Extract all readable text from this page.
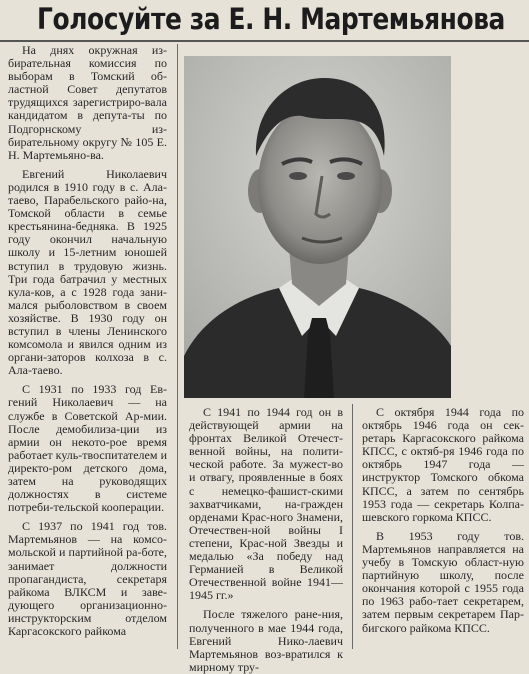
Голосуйте за Е. Н. Мартемьянова

На днях окружная из-бирательная комиссия по выборам в Томский об-ластной Совет депутатов трудящихся зарегистриро-вала кандидатом в депута-ты по Подгорнскому из-бирательному округу № 105 Е. Н. Мартемьяно-ва.

Евгений Николаевич родился в 1910 году в с. Ала-таево, Парабельского райо-на, Томской области в семье крестьянина-бедняка. В 1925 году окончил начальную школу и 15-летним юношей вступил в трудовую жизнь. Три года батрачил у местных кула-ков, а с 1928 года зани-мался рыболовством в своем хозяйстве. В 1930 году он вступил в члены Ленинского комсомола и явился одним из органи-заторов колхоза в с. Ала-таево.

С 1931 по 1933 год Ев-гений Николаевич — на службе в Советской Ар-мии. После демобилиза-ции из армии он некото-рое время работает куль-твоспитателем и директо-ром детского дома, затем на руководящих должностях в системе потреби-тельской кооперации.

С 1937 по 1941 год тов. Мартемьянов — на комсо-мольской и партийной ра-боте, занимает должности пропагандиста, секретаря райкома ВЛКСМ и заве-дующего организационно-инструкторским отделом Каргасокского райкома

С 1941 по 1944 год он в действующей армии на фронтах Великой Отечест-венной войны, на полити-ческой работе. За мужест-во и отвагу, проявленные в боях с немецко-фашист-скими захватчиками, на-гражден орденами Крас-ного Знамени, Отечествен-ной войны I степени, Крас-ной Звезды и медалью «За победу над Германией в Великой Отечественной войне 1941—1945 гг.»

После тяжелого ране-ния, полученного в мае 1944 года, Евгений Нико-лаевич Мартемьянов воз-вратился к мирному тру-

С октября 1944 года по октябрь 1946 года он сек-ретарь Каргасокского райкома КПСС, с октяб-ря 1946 года по октябрь 1947 года — инструктор Томского обкома КПСС, а затем по сентябрь 1953 года — секретарь Колпа-шевского горкома КПСС.

В 1953 году тов. Мартемьянов направляется на учебу в Томскую област-ную партийную школу, после окончания которой с 1955 года по 1963 рабо-тает секретарем, затем первым секретарем Пар-бигского райкома КПСС.
